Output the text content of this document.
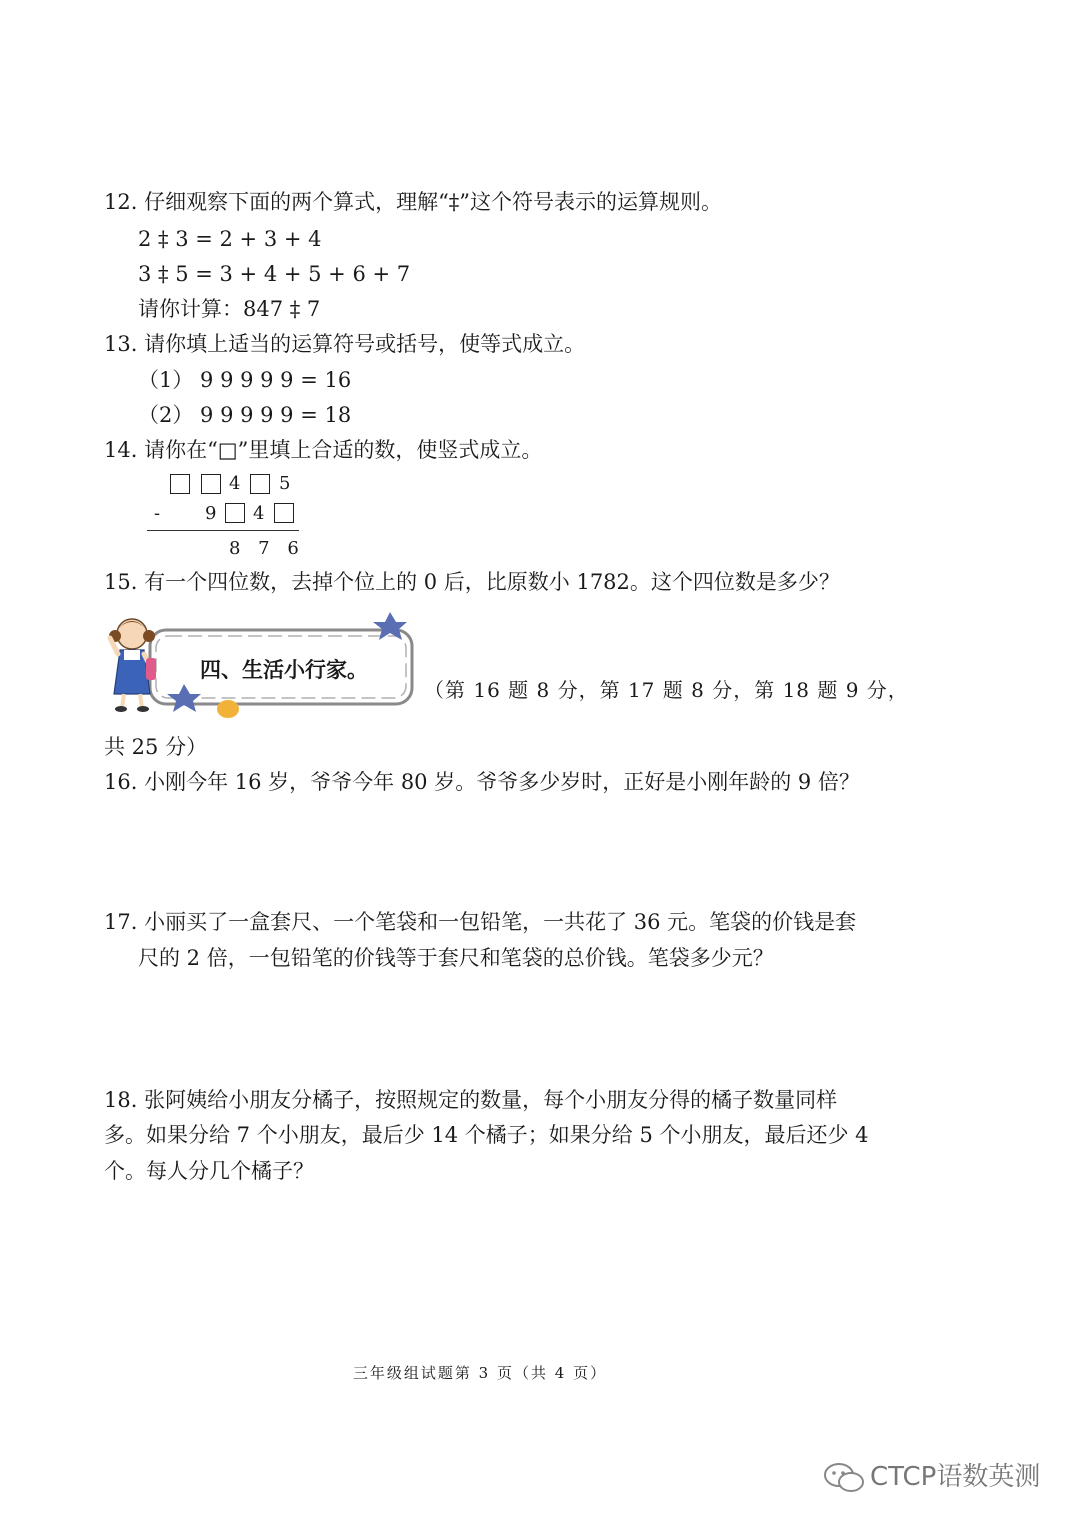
12. 仔细观察下面的两个算式，理解“‡”这个符号表示的运算规则。
2 ‡ 3 = 2 + 3 + 4
3 ‡ 5 = 3 + 4 + 5 + 6 + 7
请你计算：847 ‡ 7
13. 请你填上适当的运算符号或括号，使等式成立。
（1） 9 9 9 9 9 = 16
（2） 9 9 9 9 9 = 18
14. 请你在“□”里填上合适的数，使竖式成立。
4 5
- 9 4
8 7 6
15. 有一个四位数，去掉个位上的 0 后，比原数小 1782。这个四位数是多少？
四、生活小行家。
（第 16 题 8 分，第 17 题 8 分，第 18 题 9 分，
共 25 分）
16. 小刚今年 16 岁，爷爷今年 80 岁。爷爷多少岁时，正好是小刚年龄的 9 倍？
17. 小丽买了一盒套尺、一个笔袋和一包铅笔，一共花了 36 元。笔袋的价钱是套
尺的 2 倍，一包铅笔的价钱等于套尺和笔袋的总价钱。笔袋多少元？
18. 张阿姨给小朋友分橘子，按照规定的数量，每个小朋友分得的橘子数量同样
多。如果分给 7 个小朋友，最后少 14 个橘子；如果分给 5 个小朋友，最后还少 4
个。每人分几个橘子？
三年级组试题第 3 页（共 4 页）
CTCP语数英测
